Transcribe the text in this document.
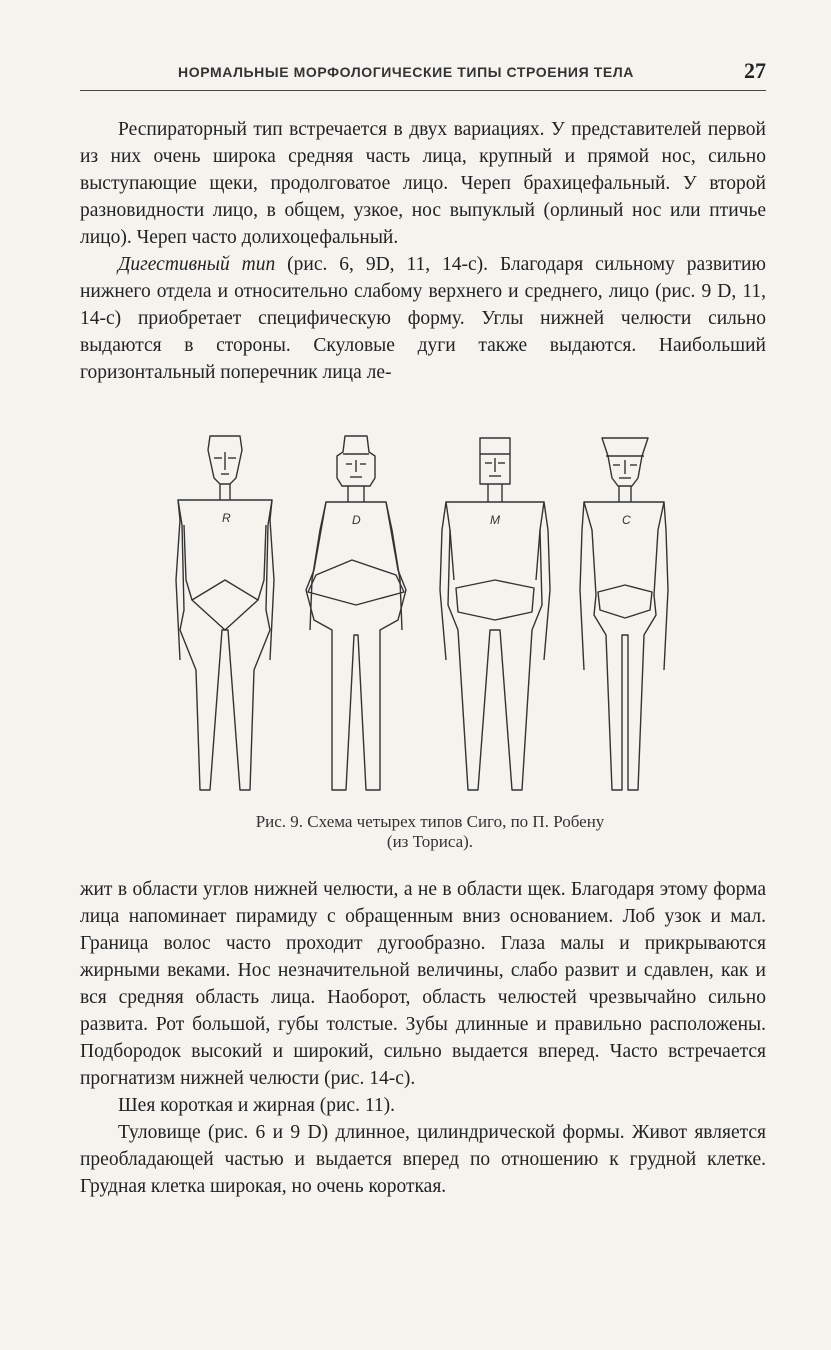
НОРМАЛЬНЫЕ МОРФОЛОГИЧЕСКИЕ ТИПЫ СТРОЕНИЯ ТЕЛА	27

Респираторный тип встречается в двух вариациях. У представителей первой из них очень широка средняя часть лица, крупный и прямой нос, сильно выступающие щеки, продолговатое лицо. Череп брахицефальный. У второй разновидности лицо, в общем, узкое, нос выпуклый (орлиный нос или птичье лицо). Череп часто долихоцефальный.

Дигестивный тип (рис. 6, 9D, 11, 14-c). Благодаря сильному развитию нижнего отдела и относительно слабому верхнего и среднего, лицо (рис. 9 D, 11, 14-c) приобретает специфическую форму. Углы нижней челюсти сильно выдаются в стороны. Скуловые дуги также выдаются. Наибольший горизонтальный поперечник лица ле-

R	D	M	C
Рис. 9. Схема четырех типов Сиго, по П. Робену
(из Ториса).

жит в области углов нижней челюсти, а не в области щек. Благодаря этому форма лица напоминает пирамиду с обращенным вниз основанием. Лоб узок и мал. Граница волос часто проходит дугообразно. Глаза малы и прикрываются жирными веками. Нос незначительной величины, слабо развит и сдавлен, как и вся средняя область лица. Наоборот, область челюстей чрезвычайно сильно развита. Рот большой, губы толстые. Зубы длинные и правильно расположены. Подбородок высокий и широкий, сильно выдается вперед. Часто встречается прогнатизм нижней челюсти (рис. 14-c).

Шея короткая и жирная (рис. 11).

Туловище (рис. 6 и 9 D) длинное, цилиндрической формы. Живот является преобладающей частью и выдается вперед по отношению к грудной клетке. Грудная клетка широкая, но очень короткая.
